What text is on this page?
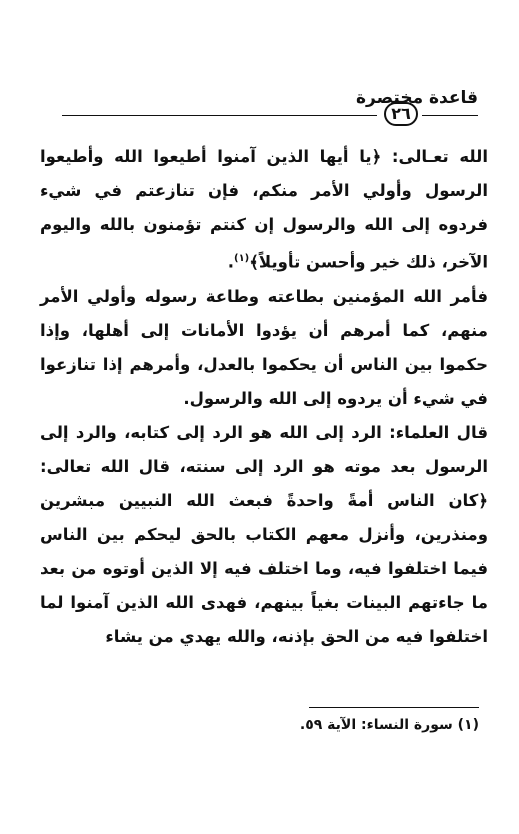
قاعدة مختصرة
٢٦

الله تعـالى: ﴿يا أيها الذين آمنوا أطيعوا الله وأطيعوا الرسول وأولي الأمر منكم، فإن تنازعتم في شيء فردوه إلى الله والرسول إن كنتم تؤمنون بالله واليوم الآخر، ذلك خير وأحسن تأويلاً﴾$^{(١)}$.

فأمر الله المؤمنين بطاعته وطاعة رسوله وأولي الأمر منهم، كما أمرهم أن يؤدوا الأمانات إلى أهلها، وإذا حكموا بين الناس أن يحكموا بالعدل، وأمرهم إذا تنازعوا في شيء أن يردوه إلى الله والرسول.

قال العلماء: الرد إلى الله هو الرد إلى كتابه، والرد إلى الرسول بعد موته هو الرد إلى سنته، قال الله تعالى: ﴿كان الناس أمةً واحدةً فبعث الله النبيين مبشرين ومنذرين، وأنزل معهم الكتاب بالحق ليحكم بين الناس فيما اختلفوا فيه، وما اختلف فيه إلا الذين أوتوه من بعد ما جاءتهم البينات بغياً بينهم، فهدى الله الذين آمنوا لما اختلفوا فيه من الحق بإذنه، والله يهدي من يشاء

(١) سورة النساء: الآية ٥٩.
